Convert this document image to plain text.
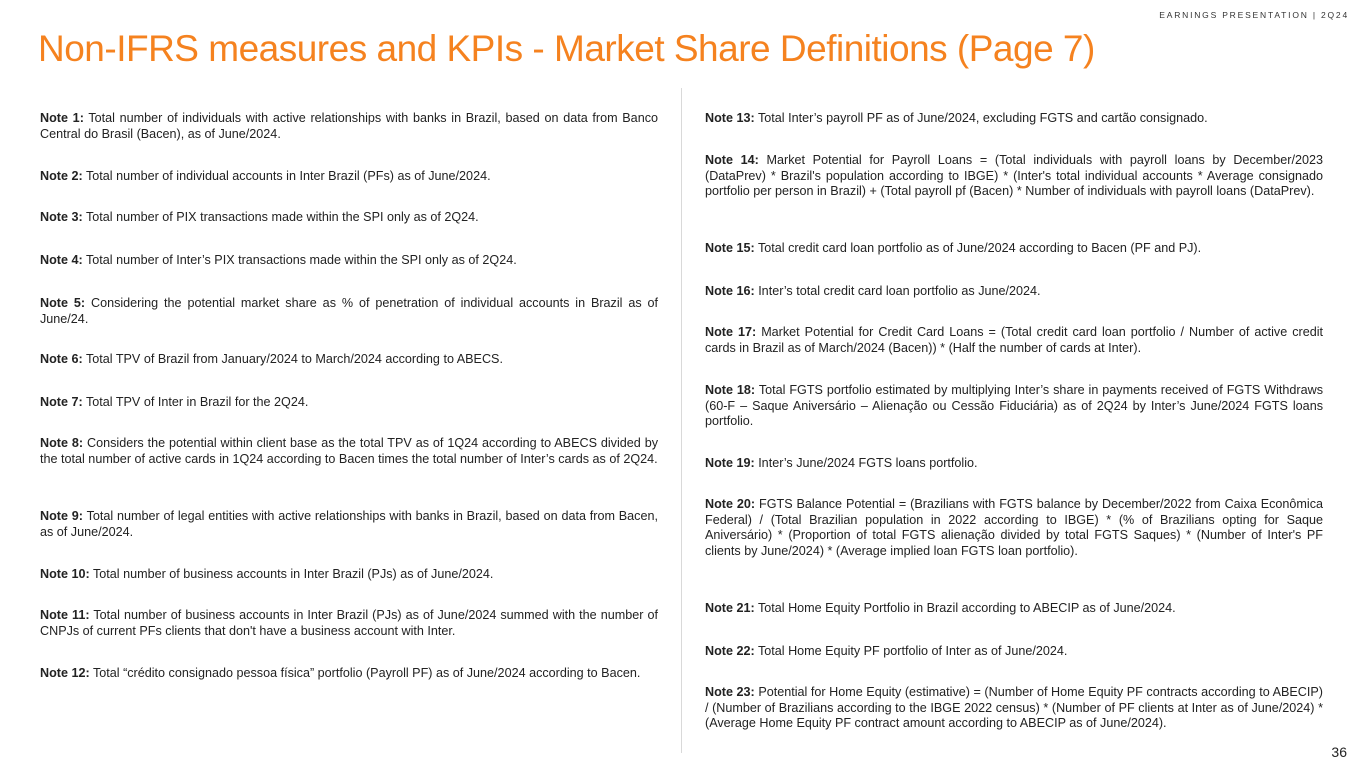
EARNINGS PRESENTATION | 2Q24
Non-IFRS measures and KPIs - Market Share Definitions (Page 7)

Note 1: Total number of individuals with active relationships with banks in Brazil, based on data from Banco Central do Brasil (Bacen), as of June/2024.

Note 2: Total number of individual accounts in Inter Brazil (PFs) as of June/2024.

Note 3: Total number of PIX transactions made within the SPI only as of 2Q24.

Note 4: Total number of Inter’s PIX transactions made within the SPI only as of 2Q24.

Note 5: Considering the potential market share as % of penetration of individual accounts in Brazil as of June/24.

Note 6: Total TPV of Brazil from January/2024 to March/2024 according to ABECS.

Note 7: Total TPV of Inter in Brazil for the 2Q24.

Note 8: Considers the potential within client base as the total TPV as of 1Q24 according to ABECS divided by the total number of active cards in 1Q24 according to Bacen times the total number of Inter’s cards as of 2Q24.

Note 9: Total number of legal entities with active relationships with banks in Brazil, based on data from Bacen, as of June/2024.

Note 10: Total number of business accounts in Inter Brazil (PJs) as of June/2024.

Note 11: Total number of business accounts in Inter Brazil (PJs) as of June/2024 summed with the number of CNPJs of current PFs clients that don't have a business account with Inter.

Note 12: Total “crédito consignado pessoa física” portfolio (Payroll PF) as of June/2024 according to Bacen.

Note 13: Total Inter’s payroll PF as of June/2024, excluding FGTS and cartão consignado.

Note 14: Market Potential for Payroll Loans = (Total individuals with payroll loans by December/2023 (DataPrev) * Brazil's population according to IBGE) * (Inter's total individual accounts * Average consignado portfolio per person in Brazil) + (Total payroll pf (Bacen) * Number of individuals with payroll loans (DataPrev).

Note 15: Total credit card loan portfolio as of June/2024 according to Bacen (PF and PJ).

Note 16: Inter’s total credit card loan portfolio as June/2024.

Note 17: Market Potential for Credit Card Loans = (Total credit card loan portfolio / Number of active credit cards in Brazil as of March/2024 (Bacen)) * (Half the number of cards at Inter).

Note 18: Total FGTS portfolio estimated by multiplying Inter’s share in payments received of FGTS Withdraws (60-F – Saque Aniversário – Alienação ou Cessão Fiduciária) as of 2Q24 by Inter’s June/2024 FGTS loans portfolio.

Note 19: Inter’s June/2024 FGTS loans portfolio.

Note 20: FGTS Balance Potential = (Brazilians with FGTS balance by December/2022 from Caixa Econômica Federal) / (Total Brazilian population in 2022 according to IBGE) * (% of Brazilians opting for Saque Aniversário) * (Proportion of total FGTS alienação divided by total FGTS Saques) * (Number of Inter's PF clients by June/2024) * (Average implied loan FGTS loan portfolio).

Note 21: Total Home Equity Portfolio in Brazil according to ABECIP as of June/2024.

Note 22: Total Home Equity PF portfolio of Inter as of June/2024.

Note 23: Potential for Home Equity (estimative) = (Number of Home Equity PF contracts according to ABECIP) / (Number of Brazilians according to the IBGE 2022 census) * (Number of PF clients at Inter as of June/2024) * (Average Home Equity PF contract amount according to ABECIP as of June/2024).

36
